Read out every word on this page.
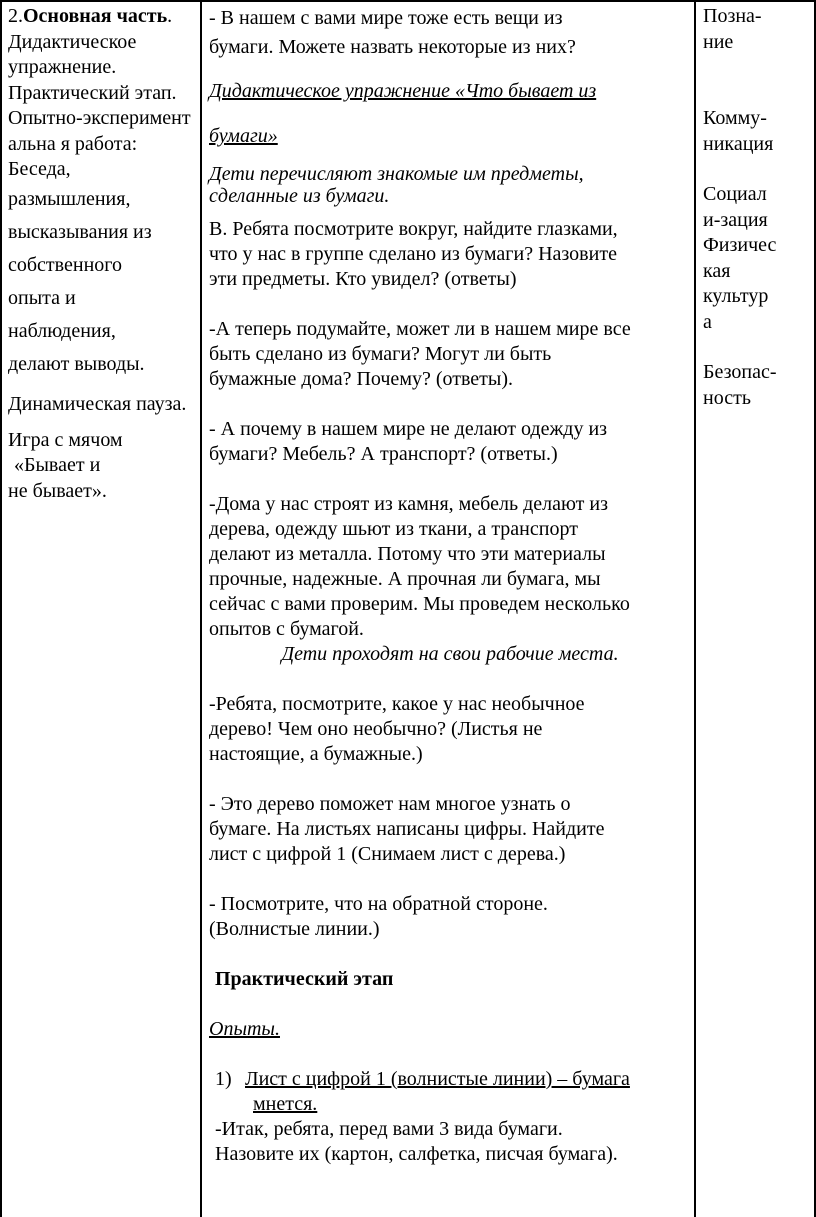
2.Основная часть.
Дидактическое упражнение.
Практический этап.
Опытно-экспериментальна я работа:
Беседа,
размышления,
высказывания из
собственного
опыта и
наблюдения,
делают выводы.
Динамическая пауза.
Игра с мячом
«Бывает и
не бывает».
- В нашем с вами мире тоже есть вещи из
бумаги. Можете назвать некоторые из них?
Дидактическое упражнение «Что бывает из
бумаги»
Дети перечисляют знакомые им предметы,
сделанные из бумаги.
В. Ребята посмотрите вокруг, найдите глазками,
что у нас в группе сделано из бумаги? Назовите
эти предметы. Кто увидел? (ответы)
-А теперь подумайте, может ли в нашем мире все
быть сделано из бумаги? Могут ли быть
бумажные дома? Почему? (ответы).
- А почему в нашем мире не делают одежду из
бумаги? Мебель? А транспорт? (ответы.)
-Дома у нас строят из камня, мебель делают из
дерева, одежду шьют из ткани, а транспорт
делают из металла. Потому что эти материалы
прочные, надежные. А прочная ли бумага, мы
сейчас с вами проверим. Мы проведем несколько
опытов с бумагой.
Дети проходят на свои рабочие места.
-Ребята, посмотрите, какое у нас необычное
дерево! Чем оно необычно? (Листья не
настоящие, а бумажные.)
- Это дерево поможет нам многое узнать о
бумаге. На листьях написаны цифры. Найдите
лист с цифрой 1 (Снимаем лист с дерева.)
- Посмотрите, что на обратной стороне.
(Волнистые линии.)
Практический этап
Опыты.
1) Лист с цифрой 1 (волнистые линии) – бумага
мнется.
-Итак, ребята, перед вами 3 вида бумаги.
Назовите их (картон, салфетка, писчая бумага).
Позна-
ние
Комму-
никация
Социал
и-зация
Физичес
кая
культур
а
Безопас-
ность
